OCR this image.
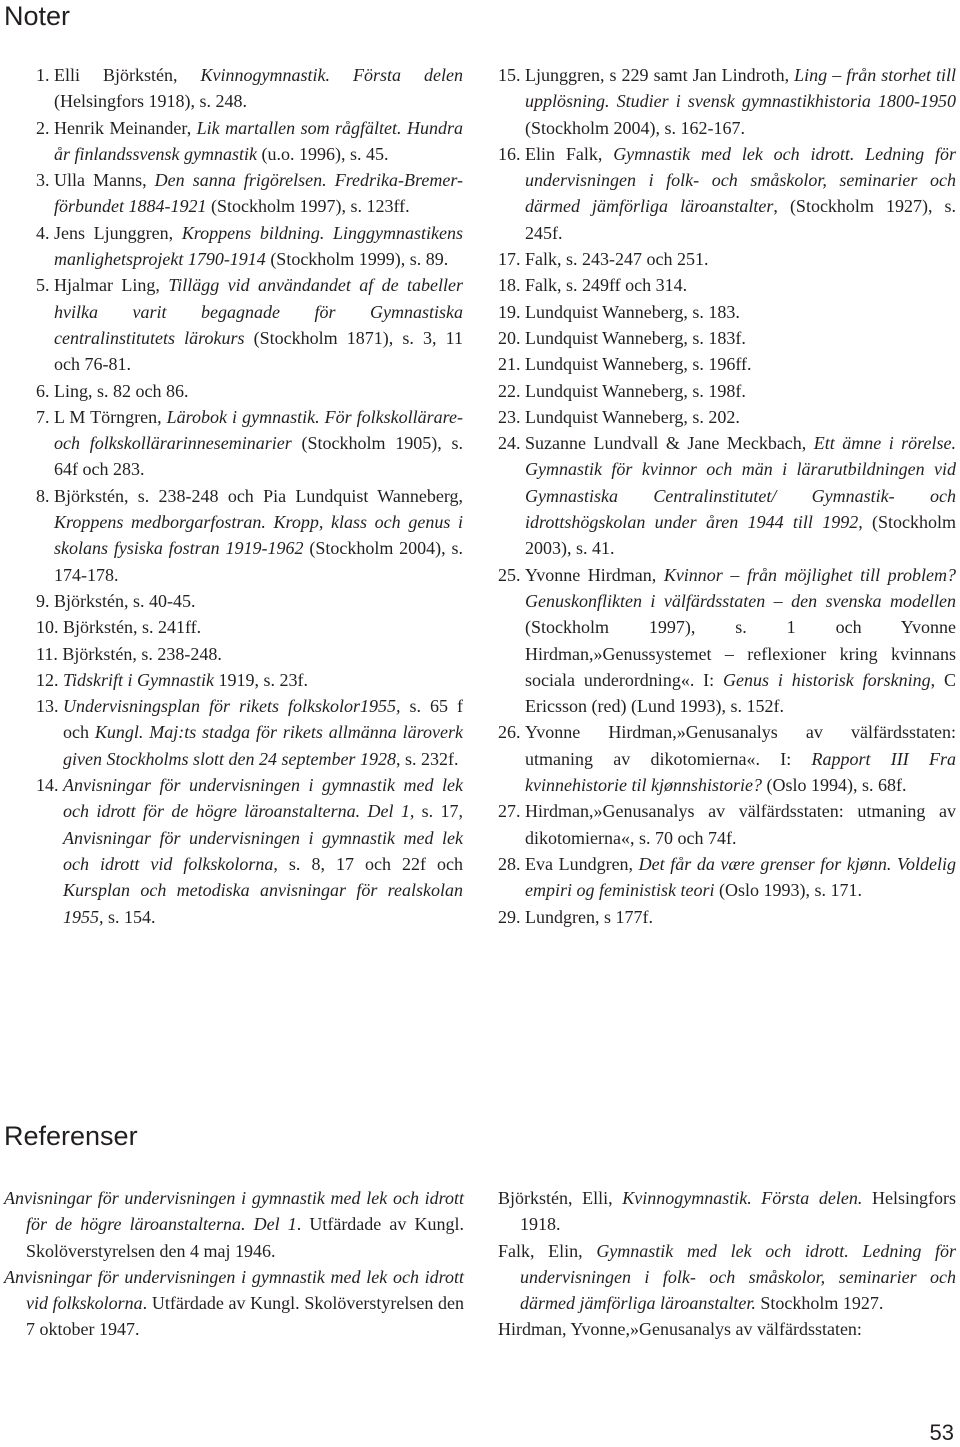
Noter
1. Elli Björkstén, Kvinnogymnastik. Första delen (Helsingfors 1918), s. 248.
2. Henrik Meinander, Lik martallen som rågfältet. Hundra år finlandssvensk gymnastik (u.o. 1996), s. 45.
3. Ulla Manns, Den sanna frigörelsen. Fredrika-Bremer-förbundet 1884-1921 (Stockholm 1997), s. 123ff.
4. Jens Ljunggren, Kroppens bildning. Linggymnastikens manlighetsprojekt 1790-1914 (Stockholm 1999), s. 89.
5. Hjalmar Ling, Tillägg vid användandet af de tabeller hvilka varit begagnade för Gymnastiska centralinstitutets lärokurs (Stockholm 1871), s. 3, 11 och 76-81.
6. Ling, s. 82 och 86.
7. L M Törngren, Lärobok i gymnastik. För folkskollärare- och folkskollärarinneseminarier (Stockholm 1905), s. 64f och 283.
8. Björkstén, s. 238-248 och Pia Lundquist Wanneberg, Kroppens medborgarfostran. Kropp, klass och genus i skolans fysiska fostran 1919-1962 (Stockholm 2004), s. 174-178.
9. Björkstén, s. 40-45.
10. Björkstén, s. 241ff.
11. Björkstén, s. 238-248.
12. Tidskrift i Gymnastik 1919, s. 23f.
13. Undervisningsplan för rikets folkskolor1955, s. 65 f och Kungl. Maj:ts stadga för rikets allmänna läroverk given Stockholms slott den 24 september 1928, s. 232f.
14. Anvisningar för undervisningen i gymnastik med lek och idrott för de högre läroanstalterna. Del 1, s. 17, Anvisningar för undervisningen i gymnastik med lek och idrott vid folkskolorna, s. 8, 17 och 22f och Kursplan och metodiska anvisningar för realskolan 1955, s. 154.
15. Ljunggren, s 229 samt Jan Lindroth, Ling – från storhet till upplösning. Studier i svensk gymnastikhistoria 1800-1950 (Stockholm 2004), s. 162-167.
16. Elin Falk, Gymnastik med lek och idrott. Ledning för undervisningen i folk- och småskolor, seminarier och därmed jämförliga läroanstalter, (Stockholm 1927), s. 245f.
17. Falk, s. 243-247 och 251.
18. Falk, s. 249ff och 314.
19. Lundquist Wanneberg, s. 183.
20. Lundquist Wanneberg, s. 183f.
21. Lundquist Wanneberg, s. 196ff.
22. Lundquist Wanneberg, s. 198f.
23. Lundquist Wanneberg, s. 202.
24. Suzanne Lundvall & Jane Meckbach, Ett ämne i rörelse. Gymnastik för kvinnor och män i lärarutbildningen vid Gymnastiska Centralinstitutet/ Gymnastik- och idrottshögskolan under åren 1944 till 1992, (Stockholm 2003), s. 41.
25. Yvonne Hirdman, Kvinnor – från möjlighet till problem? Genuskonflikten i välfärdsstaten – den svenska modellen (Stockholm 1997), s. 1 och Yvonne Hirdman,»Genussystemet – reflexioner kring kvinnans sociala underordning«. I: Genus i historisk forskning, C Ericsson (red) (Lund 1993), s. 152f.
26. Yvonne Hirdman,»Genusanalys av välfärdsstaten: utmaning av dikotomierna«. I: Rapport III Fra kvinnehistorie til kjønnshistorie? (Oslo 1994), s. 68f.
27. Hirdman,»Genusanalys av välfärdsstaten: utmaning av dikotomierna«, s. 70 och 74f.
28. Eva Lundgren, Det får da være grenser for kjønn. Voldelig empiri og feministisk teori (Oslo 1993), s. 171.
29. Lundgren, s 177f.
Referenser
Anvisningar för undervisningen i gymnastik med lek och idrott för de högre läroanstalterna. Del 1. Utfärdade av Kungl. Skolöverstyrelsen den 4 maj 1946.
Anvisningar för undervisningen i gymnastik med lek och idrott vid folkskolorna. Utfärdade av Kungl. Skolöverstyrelsen den 7 oktober 1947.
Björkstén, Elli, Kvinnogymnastik. Första delen. Helsingfors 1918.
Falk, Elin, Gymnastik med lek och idrott. Ledning för undervisningen i folk- och småskolor, seminarier och därmed jämförliga läroanstalter. Stockholm 1927.
Hirdman, Yvonne,»Genusanalys av välfärdsstaten:
53
